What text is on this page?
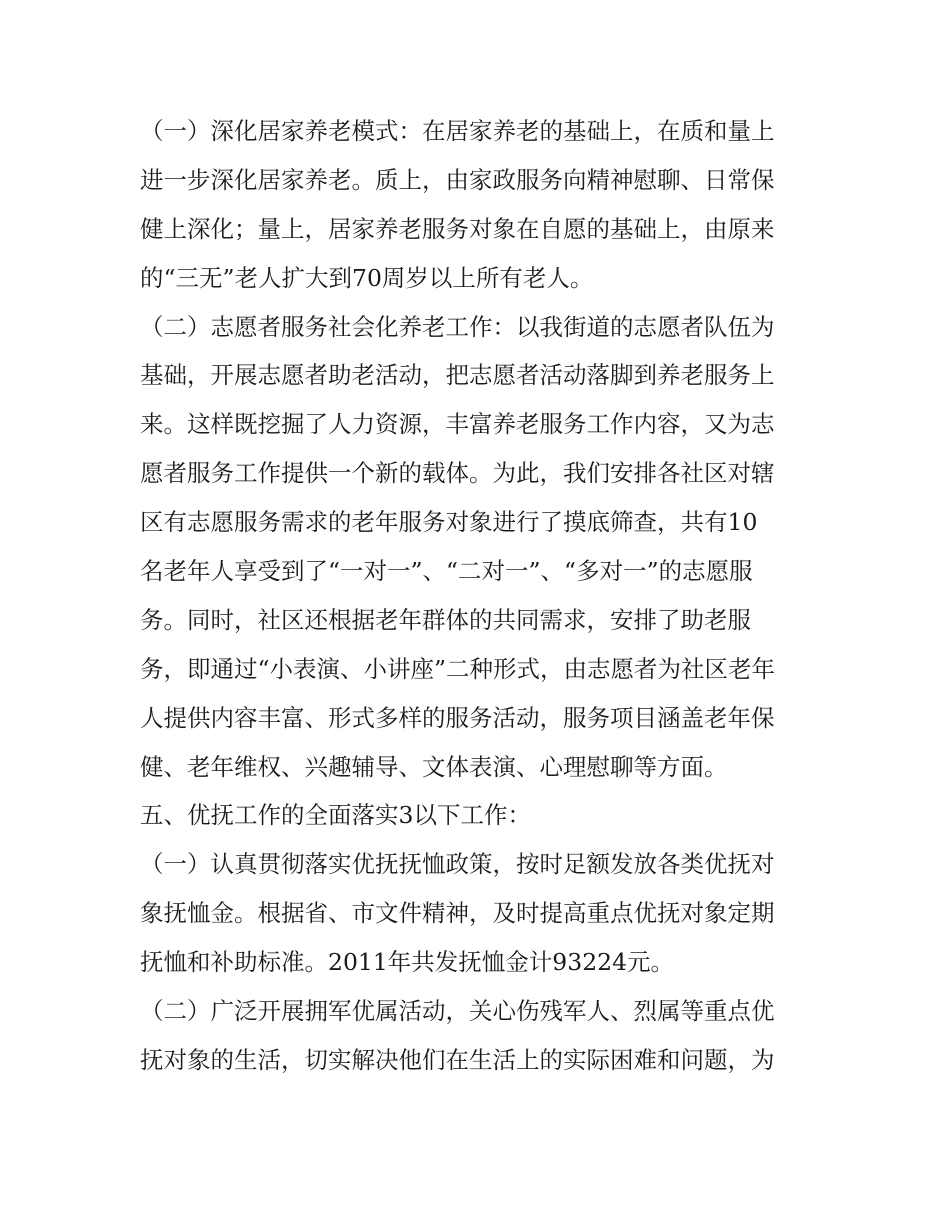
（一）深化居家养老模式：在居家养老的基础上，在质和量上
进一步深化居家养老。质上，由家政服务向精神慰聊、日常保
健上深化；量上，居家养老服务对象在自愿的基础上，由原来
的“三无”老人扩大到70周岁以上所有老人。
（二）志愿者服务社会化养老工作：以我街道的志愿者队伍为
基础，开展志愿者助老活动，把志愿者活动落脚到养老服务上
来。这样既挖掘了人力资源，丰富养老服务工作内容，又为志
愿者服务工作提供一个新的载体。为此，我们安排各社区对辖
区有志愿服务需求的老年服务对象进行了摸底筛查，共有10
名老年人享受到了“一对一”、“二对一”、“多对一”的志愿服
务。同时，社区还根据老年群体的共同需求，安排了助老服
务，即通过“小表演、小讲座”二种形式，由志愿者为社区老年
人提供内容丰富、形式多样的服务活动，服务项目涵盖老年保
健、老年维权、兴趣辅导、文体表演、心理慰聊等方面。
五、优抚工作的全面落实3以下工作：
（一）认真贯彻落实优抚抚恤政策，按时足额发放各类优抚对
象抚恤金。根据省、市文件精神，及时提高重点优抚对象定期
抚恤和补助标准。2011年共发抚恤金计93224元。
（二）广泛开展拥军优属活动，关心伤残军人、烈属等重点优
抚对象的生活，切实解决他们在生活上的实际困难和问题，为
